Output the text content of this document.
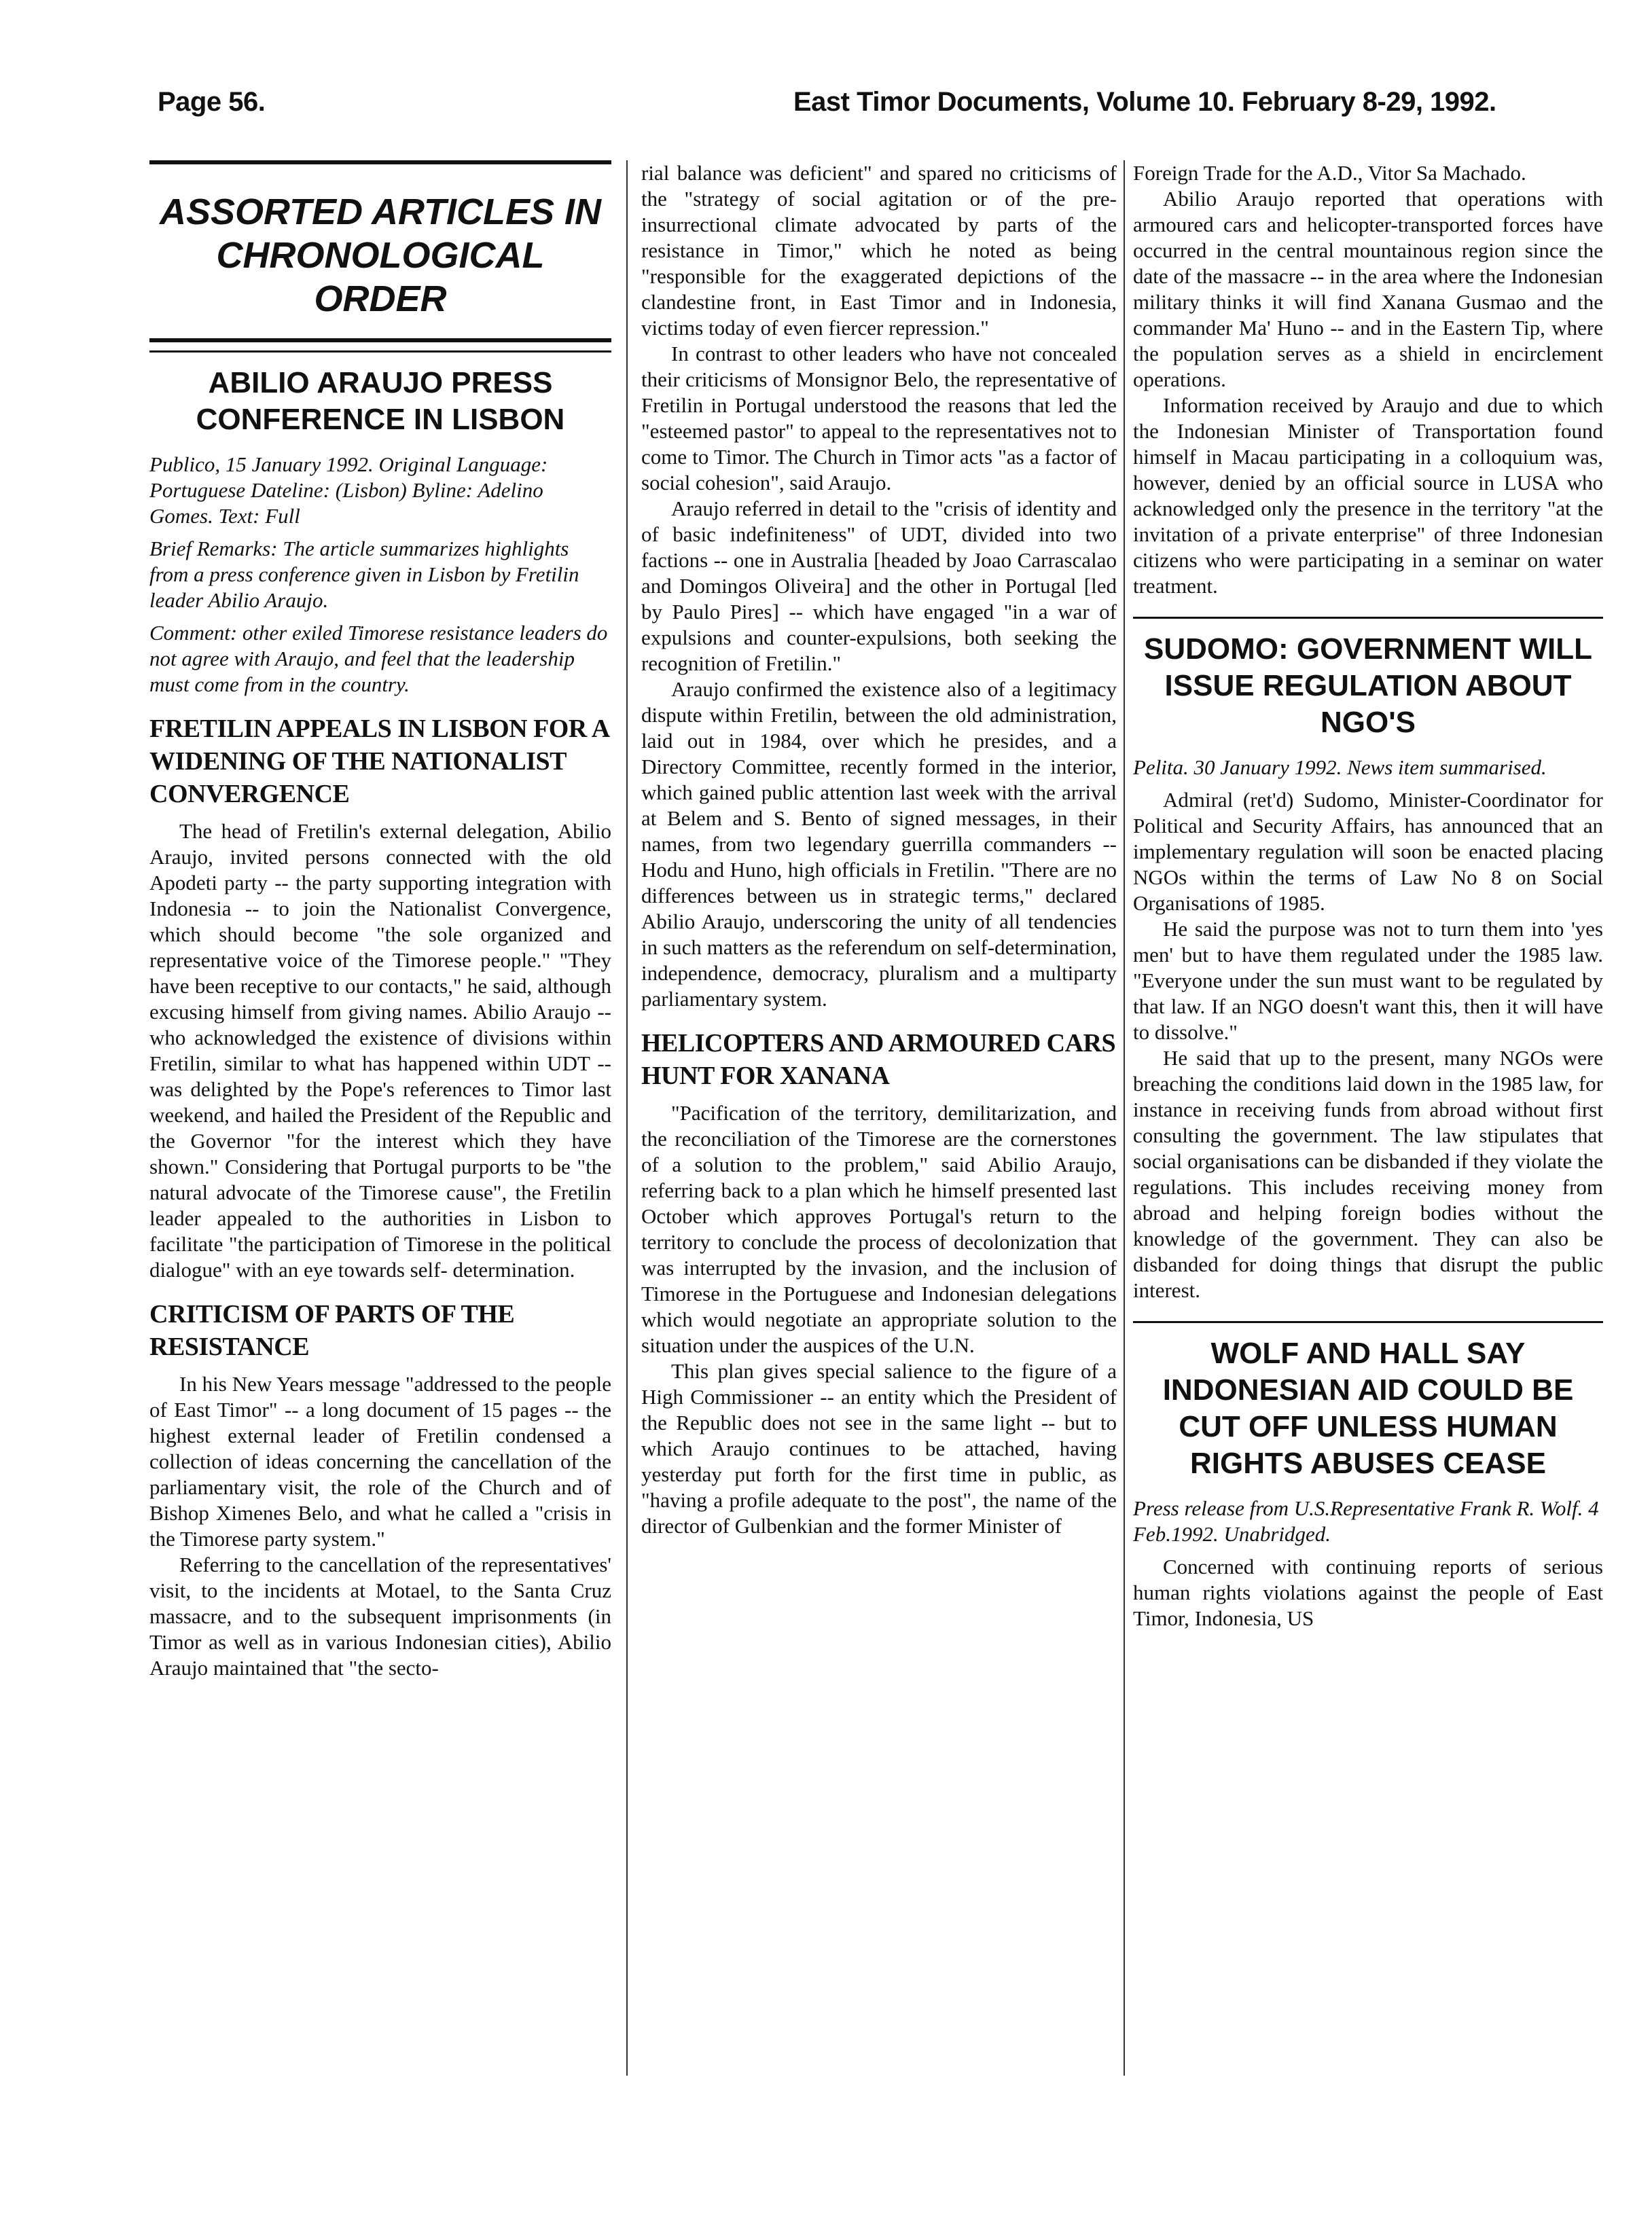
Page 56.	East Timor Documents, Volume 10. February 8-29, 1992.
ASSORTED ARTICLES IN CHRONOLOGICAL ORDER
ABILIO ARAUJO PRESS CONFERENCE IN LISBON

Publico, 15 January 1992. Original Language: Portuguese Dateline: (Lisbon) Byline: Adelino Gomes. Text: Full

Brief Remarks: The article summarizes highlights from a press conference given in Lisbon by Fretilin leader Abilio Araujo.

Comment: other exiled Timorese resistance leaders do not agree with Araujo, and feel that the leadership must come from in the country.

FRETILIN APPEALS IN LISBON FOR A WIDENING OF THE NATIONALIST CONVERGENCE

The head of Fretilin's external delegation, Abilio Araujo, invited persons connected with the old Apodeti party -- the party supporting integration with Indonesia -- to join the Nationalist Convergence, which should become "the sole organized and representative voice of the Timorese people." "They have been receptive to our contacts," he said, although excusing himself from giving names. Abilio Araujo -- who acknowledged the existence of divisions within Fretilin, similar to what has happened within UDT -- was delighted by the Pope's references to Timor last weekend, and hailed the President of the Republic and the Governor "for the interest which they have shown." Considering that Portugal purports to be "the natural advocate of the Timorese cause", the Fretilin leader appealed to the authorities in Lisbon to facilitate "the participation of Timorese in the political dialogue" with an eye towards self- determination.

CRITICISM OF PARTS OF THE RESISTANCE

In his New Years message "addressed to the people of East Timor" -- a long document of 15 pages -- the highest external leader of Fretilin condensed a collection of ideas concerning the cancellation of the parliamentary visit, the role of the Church and of Bishop Ximenes Belo, and what he called a "crisis in the Timorese party system."

Referring to the cancellation of the representatives' visit, to the incidents at Motael, to the Santa Cruz massacre, and to the subsequent imprisonments (in Timor as well as in various Indonesian cities), Abilio Araujo maintained that "the secto-

rial balance was deficient" and spared no criticisms of the "strategy of social agitation or of the pre-insurrectional climate advocated by parts of the resistance in Timor," which he noted as being "responsible for the exaggerated depictions of the clandestine front, in East Timor and in Indonesia, victims today of even fiercer repression."

In contrast to other leaders who have not concealed their criticisms of Monsignor Belo, the representative of Fretilin in Portugal understood the reasons that led the "esteemed pastor" to appeal to the representatives not to come to Timor. The Church in Timor acts "as a factor of social cohesion", said Araujo.

Araujo referred in detail to the "crisis of identity and of basic indefiniteness" of UDT, divided into two factions -- one in Australia [headed by Joao Carrascalao and Domingos Oliveira] and the other in Portugal [led by Paulo Pires] -- which have engaged "in a war of expulsions and counter-expulsions, both seeking the recognition of Fretilin."

Araujo confirmed the existence also of a legitimacy dispute within Fretilin, between the old administration, laid out in 1984, over which he presides, and a Directory Committee, recently formed in the interior, which gained public attention last week with the arrival at Belem and S. Bento of signed messages, in their names, from two legendary guerrilla commanders -- Hodu and Huno, high officials in Fretilin. "There are no differences between us in strategic terms," declared Abilio Araujo, underscoring the unity of all tendencies in such matters as the referendum on self-determination, independence, democracy, pluralism and a multiparty parliamentary system.

HELICOPTERS AND ARMOURED CARS HUNT FOR XANANA

"Pacification of the territory, demilitarization, and the reconciliation of the Timorese are the cornerstones of a solution to the problem," said Abilio Araujo, referring back to a plan which he himself presented last October which approves Portugal's return to the territory to conclude the process of decolonization that was interrupted by the invasion, and the inclusion of Timorese in the Portuguese and Indonesian delegations which would negotiate an appropriate solution to the situation under the auspices of the U.N.

This plan gives special salience to the figure of a High Commissioner -- an entity which the President of the Republic does not see in the same light -- but to which Araujo continues to be attached, having yesterday put forth for the first time in public, as "having a profile adequate to the post", the name of the director of Gulbenkian and the former Minister of

Foreign Trade for the A.D., Vitor Sa Machado.

Abilio Araujo reported that operations with armoured cars and helicopter-transported forces have occurred in the central mountainous region since the date of the massacre -- in the area where the Indonesian military thinks it will find Xanana Gusmao and the commander Ma' Huno -- and in the Eastern Tip, where the population serves as a shield in encirclement operations.

Information received by Araujo and due to which the Indonesian Minister of Transportation found himself in Macau participating in a colloquium was, however, denied by an official source in LUSA who acknowledged only the presence in the territory "at the invitation of a private enterprise" of three Indonesian citizens who were participating in a seminar on water treatment.

SUDOMO: GOVERNMENT WILL ISSUE REGULATION ABOUT NGO'S

Pelita. 30 January 1992. News item summarised.

Admiral (ret'd) Sudomo, Minister-Coordinator for Political and Security Affairs, has announced that an implementary regulation will soon be enacted placing NGOs within the terms of Law No 8 on Social Organisations of 1985.

He said the purpose was not to turn them into 'yes men' but to have them regulated under the 1985 law. "Everyone under the sun must want to be regulated by that law. If an NGO doesn't want this, then it will have to dissolve."

He said that up to the present, many NGOs were breaching the conditions laid down in the 1985 law, for instance in receiving funds from abroad without first consulting the government. The law stipulates that social organisations can be disbanded if they violate the regulations. This includes receiving money from abroad and helping foreign bodies without the knowledge of the government. They can also be disbanded for doing things that disrupt the public interest.

WOLF AND HALL SAY INDONESIAN AID COULD BE CUT OFF UNLESS HUMAN RIGHTS ABUSES CEASE

Press release from U.S.Representative Frank R. Wolf. 4 Feb.1992. Unabridged.

Concerned with continuing reports of serious human rights violations against the people of East Timor, Indonesia, US
